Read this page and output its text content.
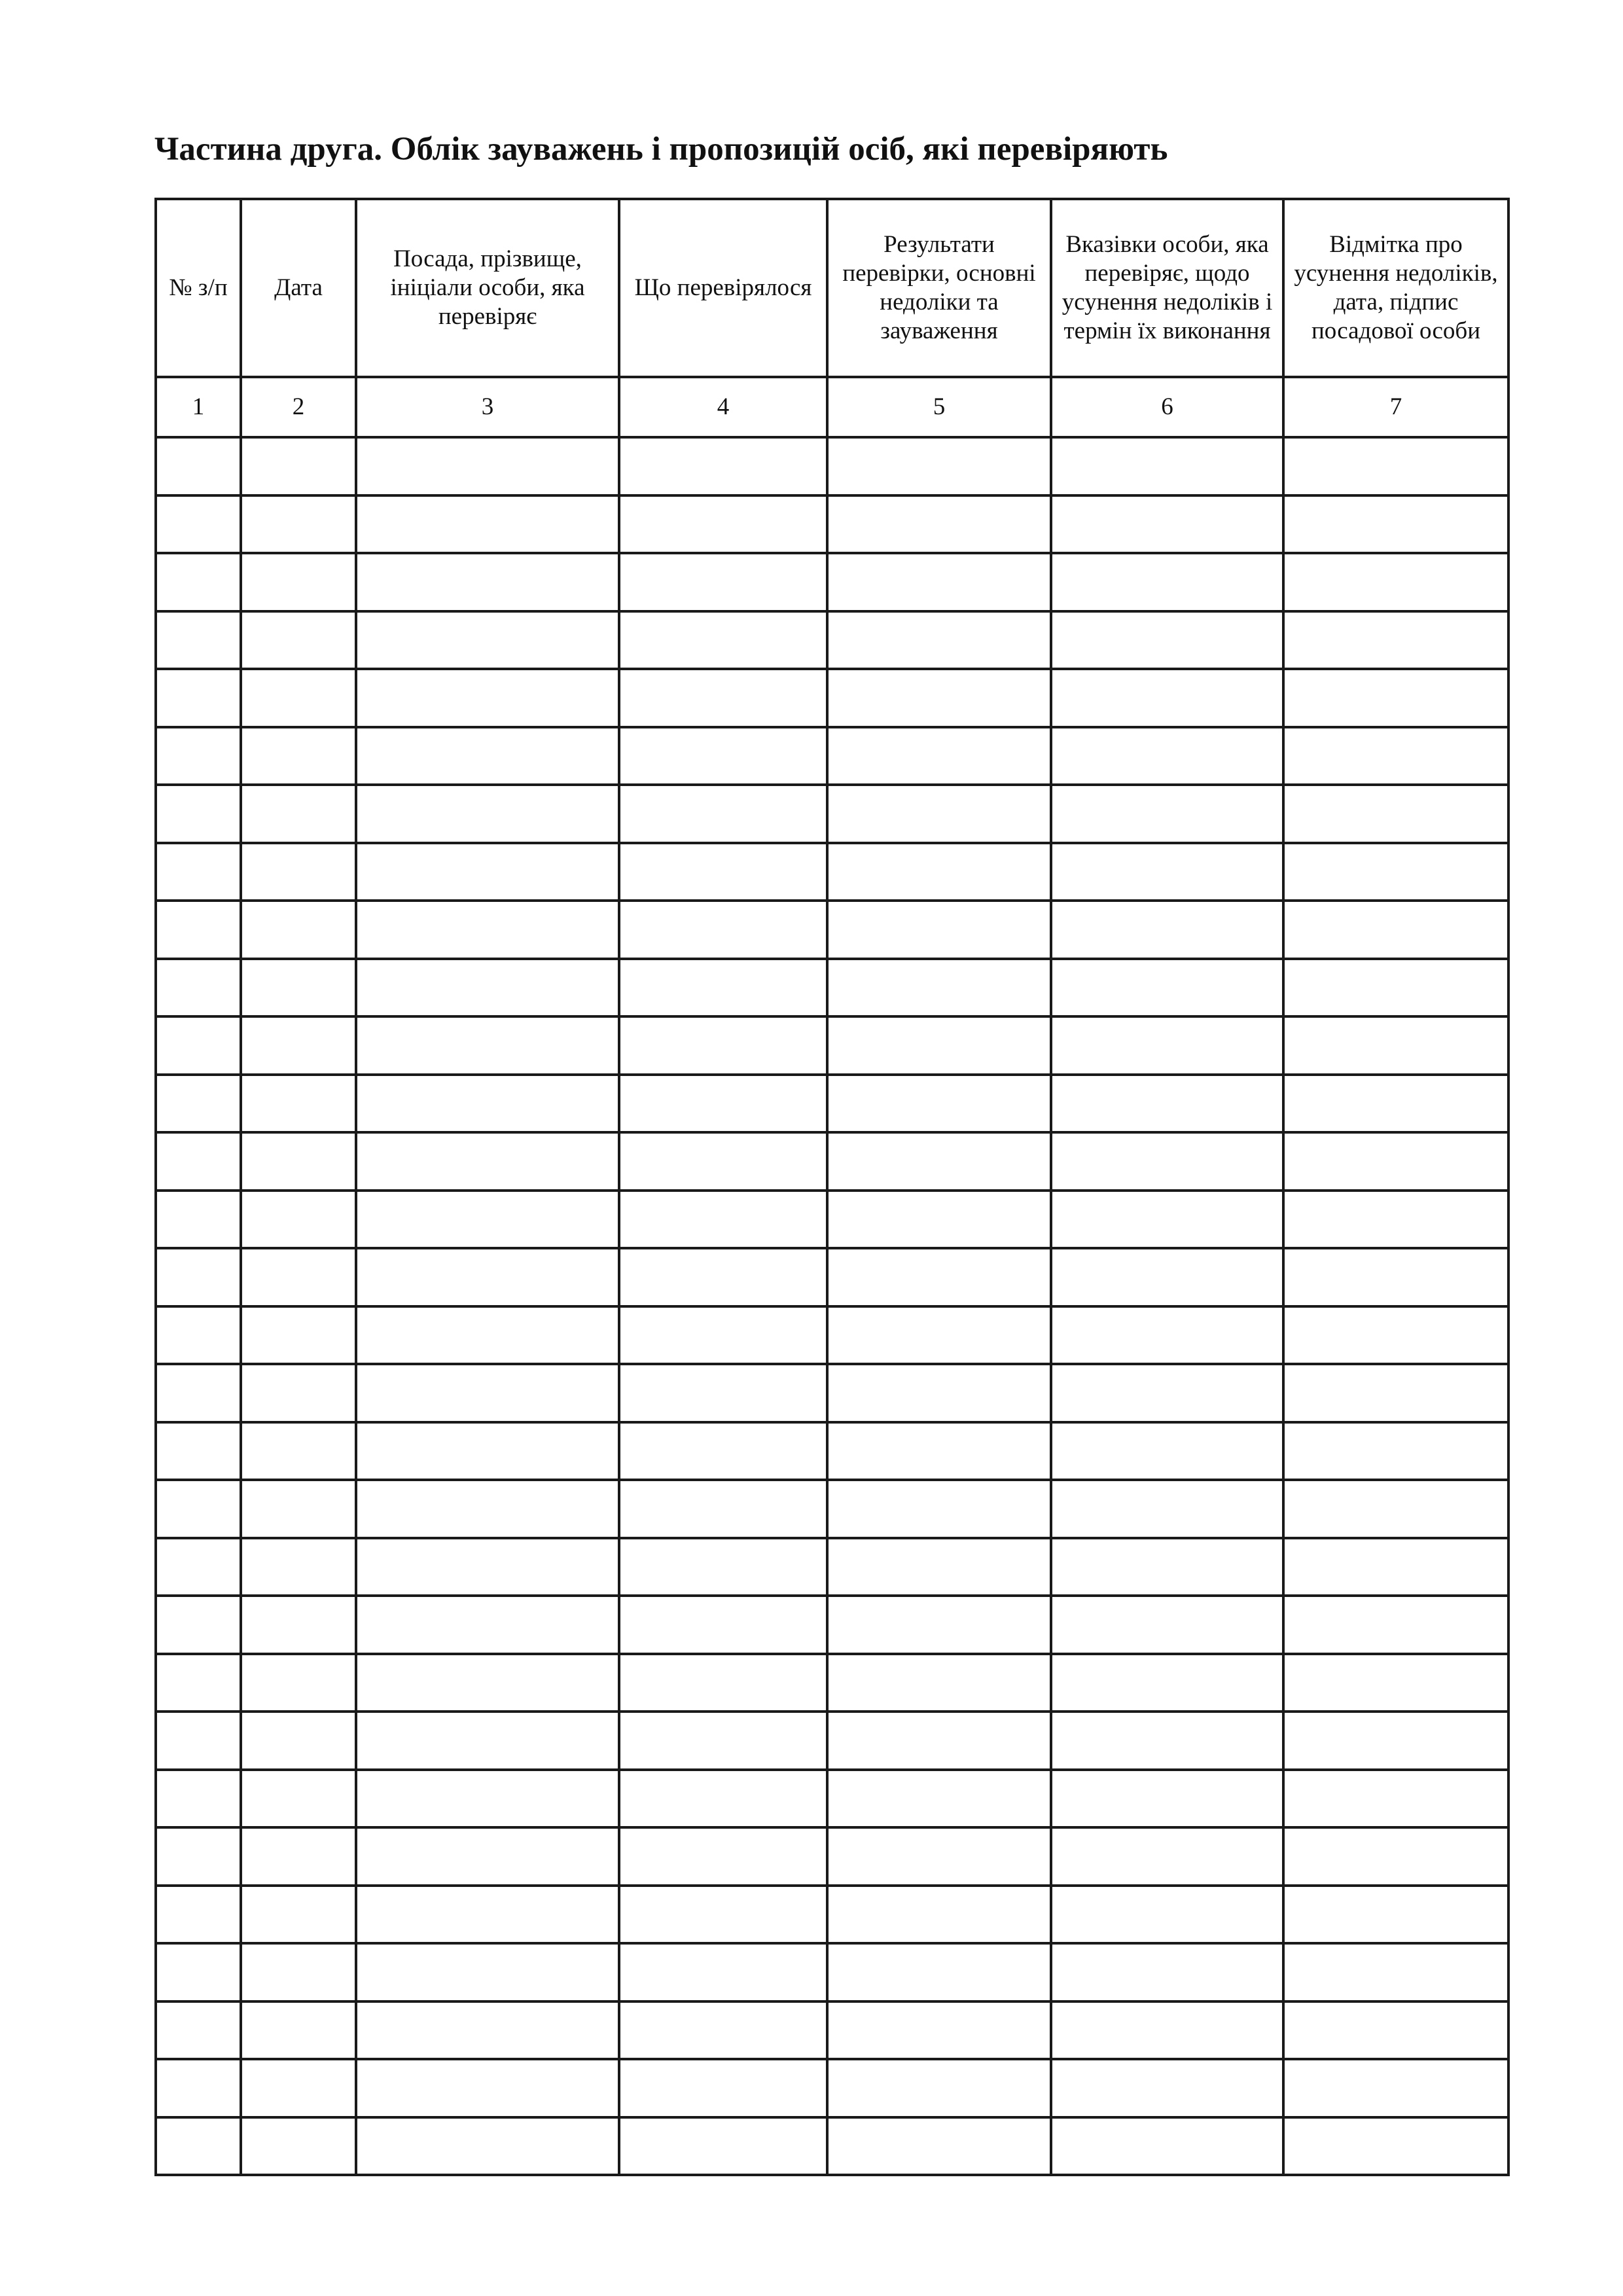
Частина друга. Облік зауважень і пропозицій осіб, які перевіряють
№ з/п	Дата	Посада, прізвище, ініціали особи, яка перевіряє	Що перевірялося	Результати перевірки, основні недоліки та зауваження	Вказівки особи, яка перевіряє, щодо усунення недоліків і термін їх виконання	Відмітка про усунення недоліків, дата, підпис посадової особи
1	2	3	4	5	6	7
